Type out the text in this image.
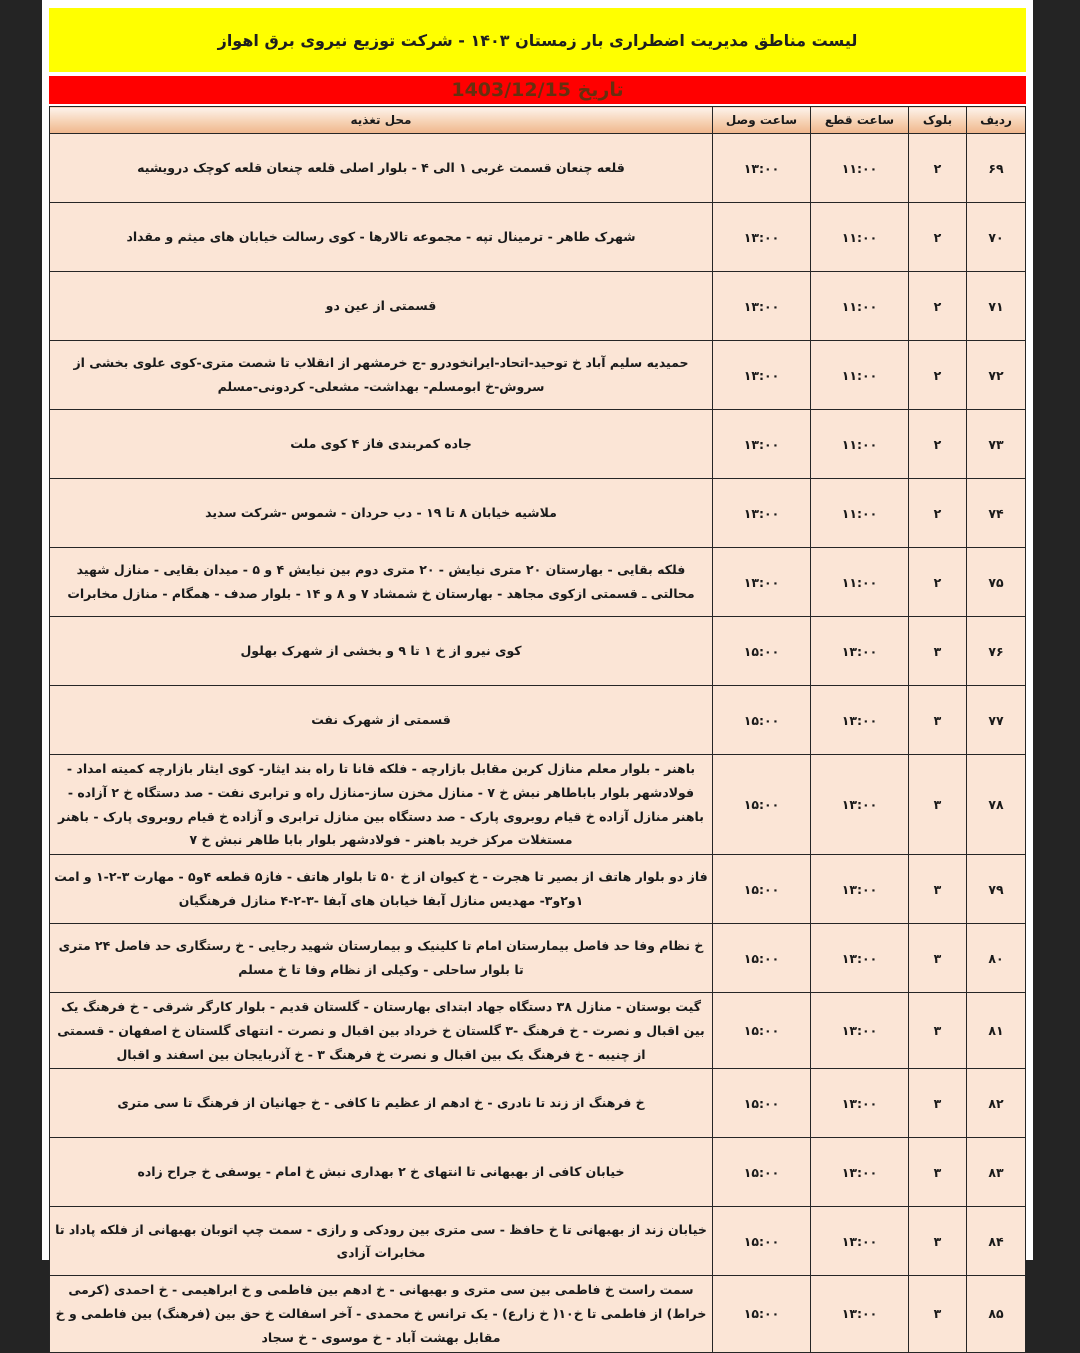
لیست مناطق مدیریت اضطراری بار زمستان ۱۴۰۳ - شرکت توزیع نیروی برق اهواز
تاریخ 1403/12/15
ردیف	بلوک	ساعت قطع	ساعت وصل	محل تغذیه
۶۹	۲	۱۱:۰۰	۱۳:۰۰	قلعه چنعان قسمت غربی ۱ الی ۴ - بلوار اصلی قلعه چنعان قلعه کوچک درویشیه
۷۰	۲	۱۱:۰۰	۱۳:۰۰	شهرک طاهر - ترمینال تپه - مجموعه تالارها - کوی رسالت خیابان های میثم و مقداد
۷۱	۲	۱۱:۰۰	۱۳:۰۰	قسمتی از عین دو
۷۲	۲	۱۱:۰۰	۱۳:۰۰	حمیدیه سلیم آباد خ توحید-اتحاد-ایرانخودرو -ج خرمشهر از انقلاب تا شصت متری-کوی علوی بخشی از سروش-خ ابومسلم- بهداشت- مشعلی- کردونی-مسلم
۷۳	۲	۱۱:۰۰	۱۳:۰۰	جاده کمربندی فاز ۴ کوی ملت
۷۴	۲	۱۱:۰۰	۱۳:۰۰	ملاشیه خیابان ۸ تا ۱۹ - دب حردان - شموس -شرکت سدید
۷۵	۲	۱۱:۰۰	۱۳:۰۰	فلکه بقایی - بهارستان ۲۰ متری نیایش - ۲۰ متری دوم بین نیایش ۴ و ۵ - میدان بقایی - منازل شهید محالتی ـ قسمتی ازکوی مجاهد - بهارستان خ شمشاد ۷ و ۸ و ۱۴ - بلوار صدف - همگام - منازل مخابرات
۷۶	۳	۱۳:۰۰	۱۵:۰۰	کوی نیرو از خ ۱ تا ۹ و بخشی از شهرک بهلول
۷۷	۳	۱۳:۰۰	۱۵:۰۰	قسمتی از شهرک نفت
۷۸	۳	۱۳:۰۰	۱۵:۰۰	باهنر - بلوار معلم منازل کربن مقابل بازارچه - فلکه قانا تا راه بند ایثار- کوی ایثار بازارچه کمیته امداد - فولادشهر بلوار باباطاهر نبش خ ۷ - منازل مخزن ساز-منازل راه و ترابری نفت - صد دستگاه خ ۲ آزاده - باهنر منازل آزاده خ قیام روبروی پارک - صد دستگاه بین منازل ترابری و آزاده خ قیام روبروی پارک - باهنر مستغلات مرکز خرید باهنر - فولادشهر بلوار بابا طاهر نبش خ ۷
۷۹	۳	۱۳:۰۰	۱۵:۰۰	فاز دو بلوار هاتف از بصیر تا هجرت - خ کیوان از خ ۵۰ تا بلوار هاتف - فاز۵ قطعه ۴و۵ - مهارت ۳-۲-۱ و امت ۱و۲و۳- مهدیس منازل آبفا خیابان های آبفا -۳-۲-۴ منازل فرهنگیان
۸۰	۳	۱۳:۰۰	۱۵:۰۰	خ نظام وفا حد فاصل بیمارستان امام تا کلینیک و بیمارستان شهید رجایی - خ رستگاری حد فاصل ۲۴ متری تا بلوار ساحلی - وکیلی از نظام وفا تا خ مسلم
۸۱	۳	۱۳:۰۰	۱۵:۰۰	گیت بوستان - منازل ۳۸ دستگاه جهاد ابتدای بهارستان - گلستان قدیم - بلوار کارگر شرقی - خ فرهنگ یک بین اقبال و نصرت - خ فرهنگ -۳ گلستان خ خرداد بین اقبال و نصرت - انتهای گلستان خ اصفهان - قسمتی از چنیبه - خ فرهنگ یک بین اقبال و نصرت خ فرهنگ ۳ - خ آذربایجان بین اسفند و اقبال
۸۲	۳	۱۳:۰۰	۱۵:۰۰	خ فرهنگ از زند تا نادری - خ ادهم از عظیم تا کافی - خ جهانیان از فرهنگ تا سی متری
۸۳	۳	۱۳:۰۰	۱۵:۰۰	خیابان کافی از بهبهانی تا انتهای خ ۲ بهداری نبش خ امام - یوسفی خ جراح زاده
۸۴	۳	۱۳:۰۰	۱۵:۰۰	خیابان زند از بهبهانی تا خ حافظ - سی متری بین رودکی و رازی - سمت چپ اتوبان بهبهانی از فلکه پاداد تا مخابرات آزادی
۸۵	۳	۱۳:۰۰	۱۵:۰۰	سمت راست خ فاطمی بین سی متری و بهبهانی - خ ادهم بین فاطمی و خ ابراهیمی - خ احمدی (کرمی خراط) از فاطمی تا خ۱۰( خ زارع) - یک ترانس خ محمدی - آخر اسفالت خ حق بین (فرهنگ) بین فاطمی و خ مقابل بهشت آباد - خ موسوی - خ سجاد
